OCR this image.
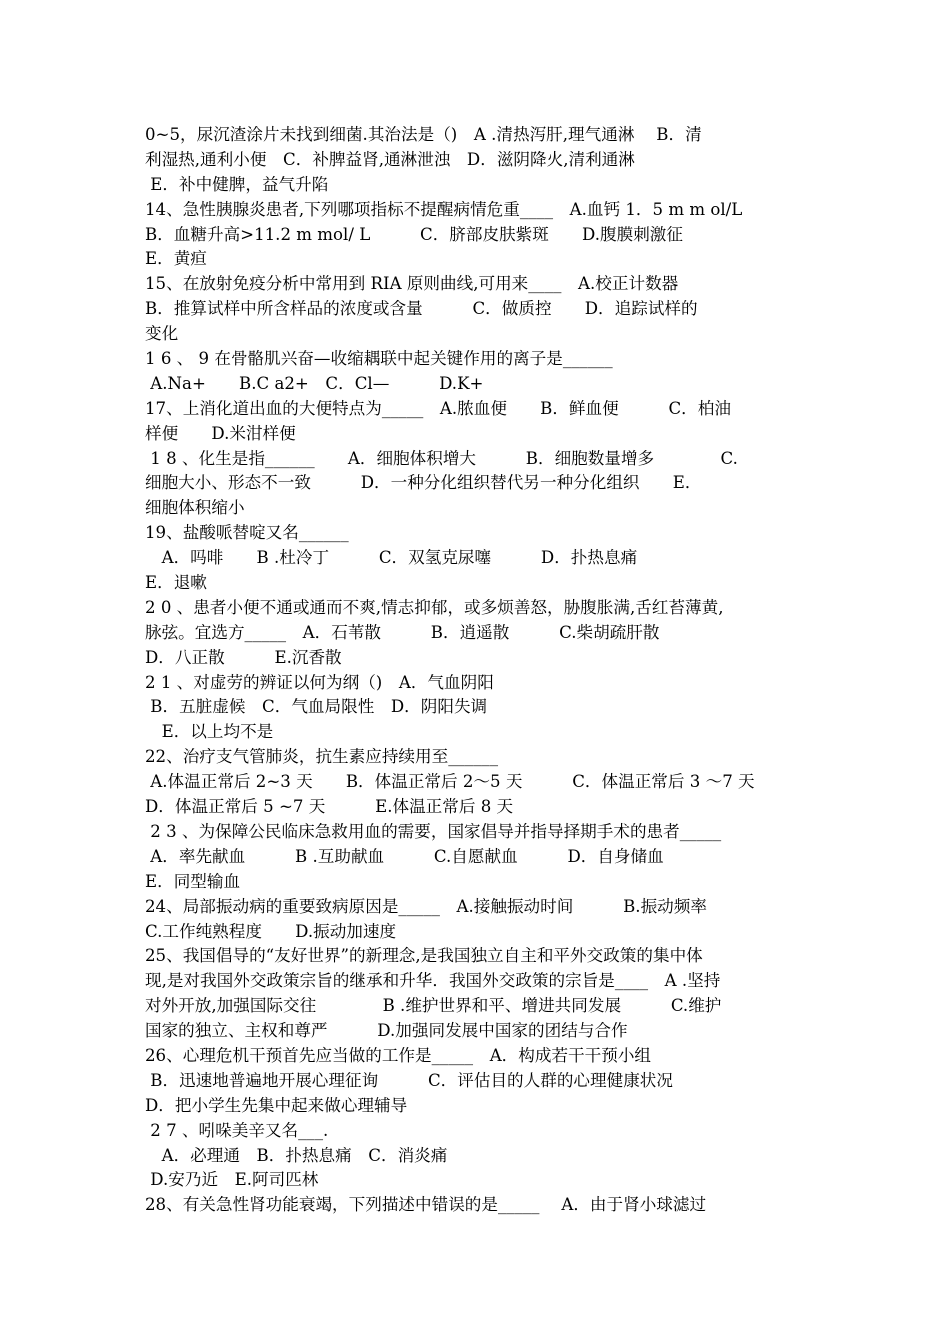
0~5，尿沉渣涂片未找到细菌.其治法是（)　A .清热泻肝,理气通淋　 B．清
利湿热,通利小便　C．补脾益肾,通淋泄浊　D．滋阴降火,清利通淋
E．补中健脾，益气升陷
14、急性胰腺炎患者,下列哪项指标不提醒病情危重____　A.血钙 1．5 m m ol/L
B．血糖升高>11.2 m mol/ L　　　C．脐部皮肤紫斑　　D.腹膜刺激征
E．黄疸
15、在放射免疫分析中常用到 RIA 原则曲线,可用来____　A.校正计数器
B．推算试样中所含样品的浓度或含量　　　C．做质控　　D．追踪试样的
变化
1 6 、 9 在骨骼肌兴奋—收缩耦联中起关键作用的离子是______
A.Na+　　B.C a2+　C．Cl—　　　D.K+
17、上消化道出血的大便特点为_____　A.脓血便　　B．鲜血便　　　C．柏油
样便　　D.米泔样便
1 8 、化生是指______　　A．细胞体积增大　　　B．细胞数量增多　　　　C.
细胞大小、形态不一致　　　D．一种分化组织替代另一种分化组织　　E．
细胞体积缩小
19、盐酸哌替啶又名______
　A．吗啡　　B .杜冷丁　　　C．双氢克尿噻　　　D．扑热息痛
E．退嗽
2 0 、患者小便不通或通而不爽,情志抑郁，或多烦善怒，胁腹胀满,舌红苔薄黄,
脉弦。宜选方_____　A．石苇散　　　B．逍遥散　　　C.柴胡疏肝散
D．八正散　　　E.沉香散
2 1 、对虚劳的辨证以何为纲（)　A．气血阴阳
B．五脏虚候　C．气血局限性　D．阴阳失调
　E．以上均不是
22、治疗支气管肺炎，抗生素应持续用至______
A.体温正常后 2~3 天　　B．体温正常后 2～5 天　　　C．体温正常后 3 ～7 天
D．体温正常后 5 ~7 天　　　E.体温正常后 8 天
2 3 、为保障公民临床急救用血的需要，国家倡导并指导择期手术的患者_____
A．率先献血　　　B .互助献血　　　C.自愿献血　　　D．自身储血
E．同型输血
24、局部振动病的重要致病原因是_____　A.接触振动时间　　　B.振动频率
C.工作纯熟程度　　D.振动加速度
25、我国倡导的“友好世界”的新理念,是我国独立自主和平外交政策的集中体
现,是对我国外交政策宗旨的继承和升华．我国外交政策的宗旨是____　A .坚持
对外开放,加强国际交往　　　　B .维护世界和平、增进共同发展　　　C.维护
国家的独立、主权和尊严　　　D.加强同发展中国家的团结与合作
26、心理危机干预首先应当做的工作是_____　A．构成若干干预小组
B．迅速地普遍地开展心理征询　　　C．评估目的人群的心理健康状况
D．把小学生先集中起来做心理辅导
2 7 、吲哚美辛又名___.
　A．必理通　B．扑热息痛　C．消炎痛
D.安乃近　E.阿司匹林
28、有关急性肾功能衰竭，下列描述中错误的是_____　 A．由于肾小球滤过
